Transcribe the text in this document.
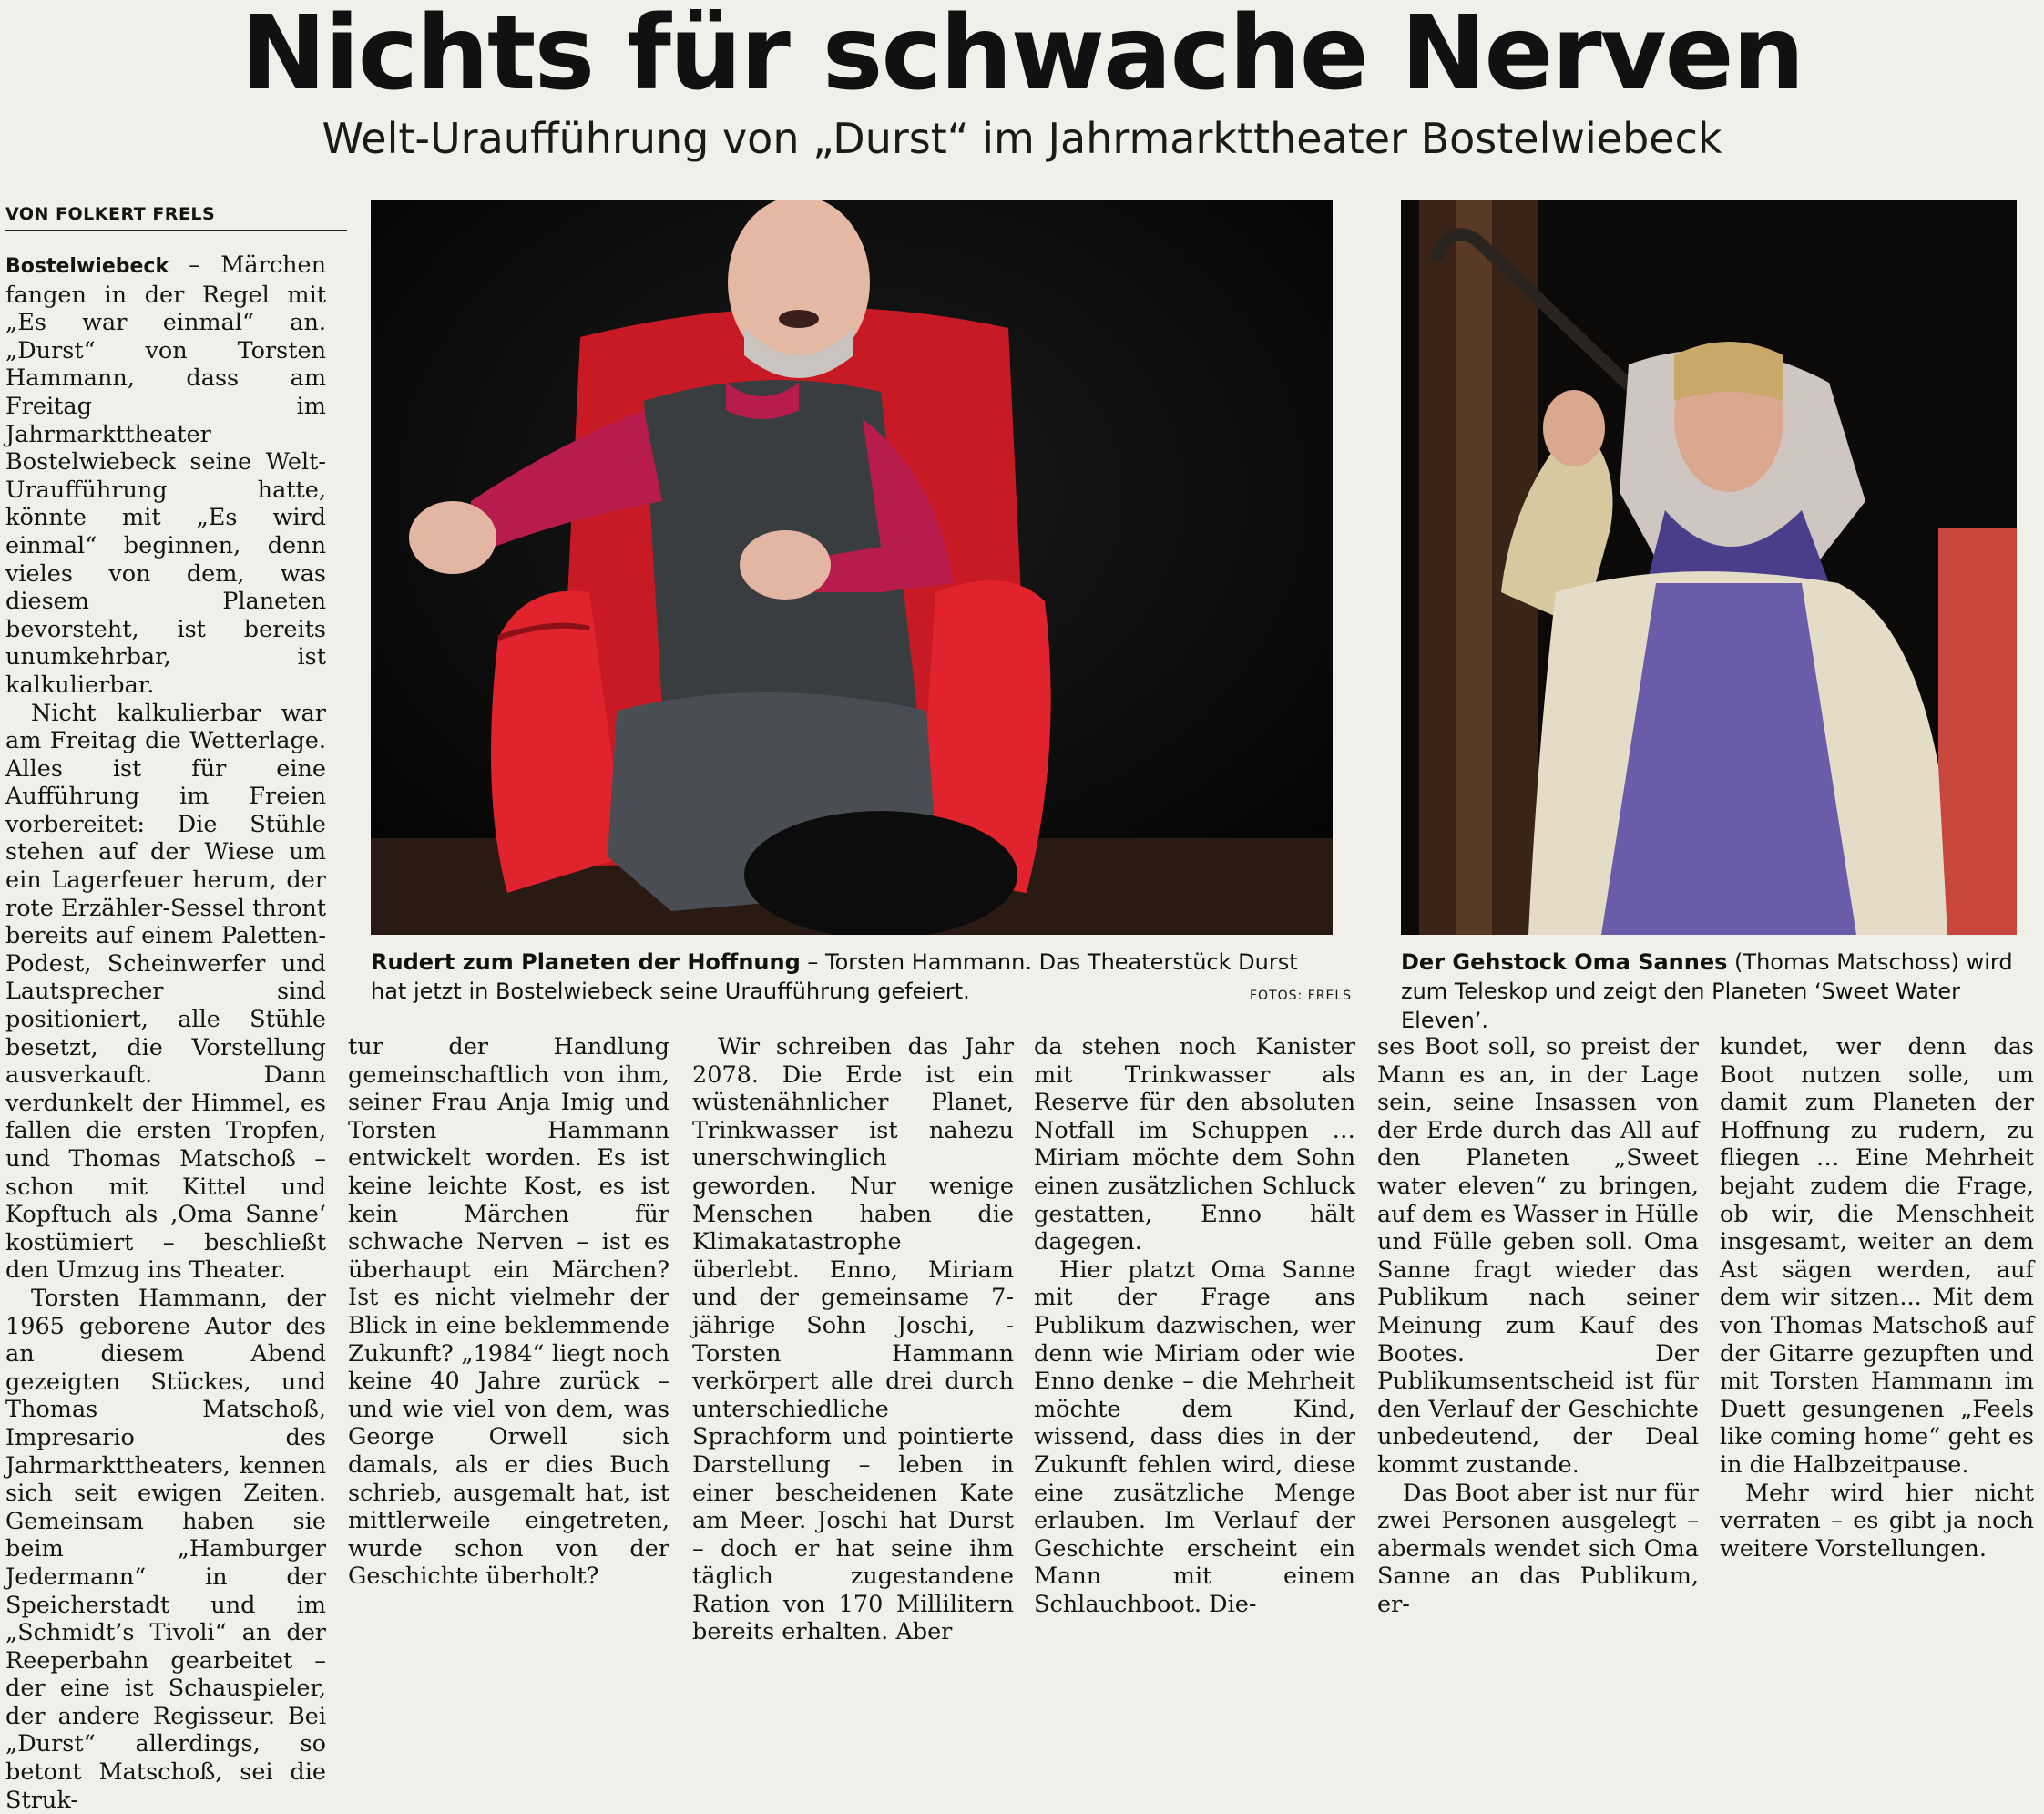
Nichts für schwache Nerven
Welt-Uraufführung von „Durst“ im Jahrmarkttheater Bostelwiebeck
VON FOLKERT FRELS

Bostelwiebeck – Märchen fangen in der Regel mit „Es war einmal“ an. „Durst“ von Torsten Hammann, dass am Freitag im Jahrmarkttheater Bostelwiebeck seine Welt-Uraufführung hatte, könnte mit „Es wird einmal“ beginnen, denn vieles von dem, was diesem Planeten bevorsteht, ist bereits unumkehrbar, ist kalkulierbar.

Nicht kalkulierbar war am Freitag die Wetterlage. Alles ist für eine Aufführung im Freien vorbereitet: Die Stühle stehen auf der Wiese um ein Lagerfeuer herum, der rote Erzähler-Sessel thront bereits auf einem Paletten-Podest, Scheinwerfer und Lautsprecher sind positioniert, alle Stühle besetzt, die Vorstellung ausverkauft. Dann verdunkelt der Himmel, es fallen die ersten Tropfen, und Thomas Matschoß – schon mit Kittel und Kopftuch als ‚Oma Sanne‘ kostümiert – beschließt den Umzug ins Theater.

Torsten Hammann, der 1965 geborene Autor des an diesem Abend gezeigten Stückes, und Thomas Matschoß, Impresario des Jahrmarkttheaters, kennen sich seit ewigen Zeiten. Gemeinsam haben sie beim „Hamburger Jedermann“ in der Speicherstadt und im „Schmidt’s Tivoli“ an der Reeperbahn gearbeitet – der eine ist Schauspieler, der andere Regisseur. Bei „Durst“ allerdings, so betont Matschoß, sei die Struk-

Rudert zum Planeten der Hoffnung – Torsten Hammann. Das Theaterstück Durst hat jetzt in Bostelwiebeck seine Uraufführung gefeiert.	FOTOS: FRELS
Der Gehstock Oma Sannes (Thomas Matschoss) wird zum Teleskop und zeigt den Planeten ‘Sweet Water Eleven’.

tur der Handlung gemeinschaftlich von ihm, seiner Frau Anja Imig und Torsten Hammann entwickelt worden. Es ist keine leichte Kost, es ist kein Märchen für schwache Nerven – ist es überhaupt ein Märchen? Ist es nicht vielmehr der Blick in eine beklemmende Zukunft? „1984“ liegt noch keine 40 Jahre zurück – und wie viel von dem, was George Orwell sich damals, als er dies Buch schrieb, ausgemalt hat, ist mittlerweile eingetreten, wurde schon von der Geschichte überholt?

Wir schreiben das Jahr 2078. Die Erde ist ein wüstenähnlicher Planet, Trinkwasser ist nahezu unerschwinglich geworden. Nur wenige Menschen haben die Klimakatastrophe überlebt. Enno, Miriam und der gemeinsame 7-jährige Sohn Joschi, - Torsten Hammann verkörpert alle drei durch unterschiedliche Sprachform und pointierte Darstellung – leben in einer bescheidenen Kate am Meer. Joschi hat Durst – doch er hat seine ihm täglich zugestandene Ration von 170 Millilitern bereits erhalten. Aber

da stehen noch Kanister mit Trinkwasser als Reserve für den absoluten Notfall im Schuppen … Miriam möchte dem Sohn einen zusätzlichen Schluck gestatten, Enno hält dagegen.

Hier platzt Oma Sanne mit der Frage ans Publikum dazwischen, wer denn wie Miriam oder wie Enno denke – die Mehrheit möchte dem Kind, wissend, dass dies in der Zukunft fehlen wird, diese eine zusätzliche Menge erlauben. Im Verlauf der Geschichte erscheint ein Mann mit einem Schlauchboot. Die-

ses Boot soll, so preist der Mann es an, in der Lage sein, seine Insassen von der Erde durch das All auf den Planeten „Sweet water eleven“ zu bringen, auf dem es Wasser in Hülle und Fülle geben soll. Oma Sanne fragt wieder das Publikum nach seiner Meinung zum Kauf des Bootes. Der Publikumsentscheid ist für den Verlauf der Geschichte unbedeutend, der Deal kommt zustande.

Das Boot aber ist nur für zwei Personen ausgelegt – abermals wendet sich Oma Sanne an das Publikum, er-

kundet, wer denn das Boot nutzen solle, um damit zum Planeten der Hoffnung zu rudern, zu fliegen … Eine Mehrheit bejaht zudem die Frage, ob wir, die Menschheit insgesamt, weiter an dem Ast sägen werden, auf dem wir sitzen... Mit dem von Thomas Matschoß auf der Gitarre gezupften und mit Torsten Hammann im Duett gesungenen „Feels like coming home“ geht es in die Halbzeitpause.

Mehr wird hier nicht verraten – es gibt ja noch weitere Vorstellungen.
